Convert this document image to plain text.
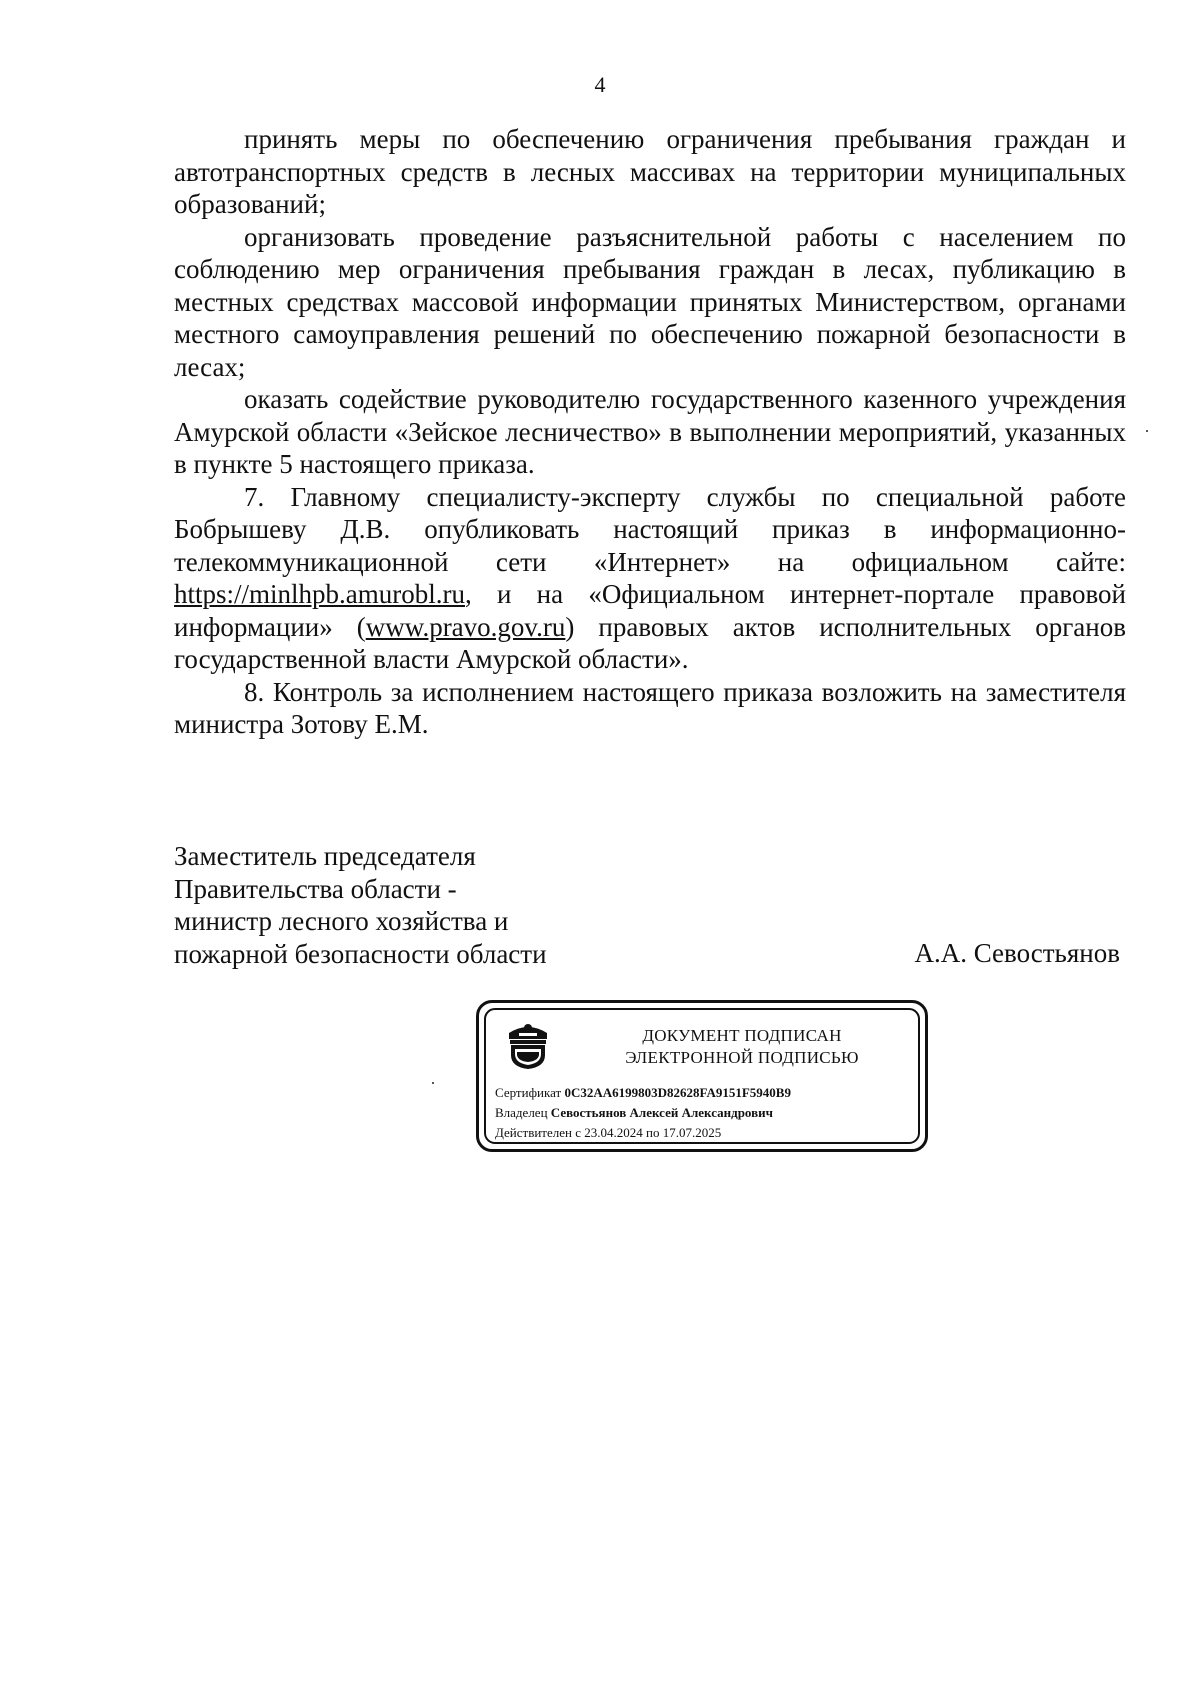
4

принять меры по обеспечению ограничения пребывания граждан и автотранспортных средств в лесных массивах на территории муниципальных образований;

организовать проведение разъяснительной работы с населением по соблюдению мер ограничения пребывания граждан в лесах, публикацию в местных средствах массовой информации принятых Министерством, органами местного самоуправления решений по обеспечению пожарной безопасности в лесах;

оказать содействие руководителю государственного казенного учреждения Амурской области «Зейское лесничество» в выполнении мероприятий, указанных в пункте 5 настоящего приказа.

7. Главному специалисту-эксперту службы по специальной работе Бобрышеву Д.В. опубликовать настоящий приказ в информационно-телекоммуникационной сети «Интернет» на официальном сайте: https://minlhpb.amurobl.ru, и на «Официальном интернет-портале правовой информации» (www.pravo.gov.ru) правовых актов исполнительных органов государственной власти Амурской области».

8. Контроль за исполнением настоящего приказа возложить на заместителя министра Зотову Е.М.

Заместитель председателя
Правительства области -
министр лесного хозяйства и
пожарной безопасности области	А.А. Севостьянов
ДОКУМЕНТ ПОДПИСАН
ЭЛЕКТРОННОЙ ПОДПИСЬЮ
Сертификат 0C32AA6199803D82628FA9151F5940B9
Владелец Севостьянов Алексей Александрович
Действителен с 23.04.2024 по 17.07.2025
